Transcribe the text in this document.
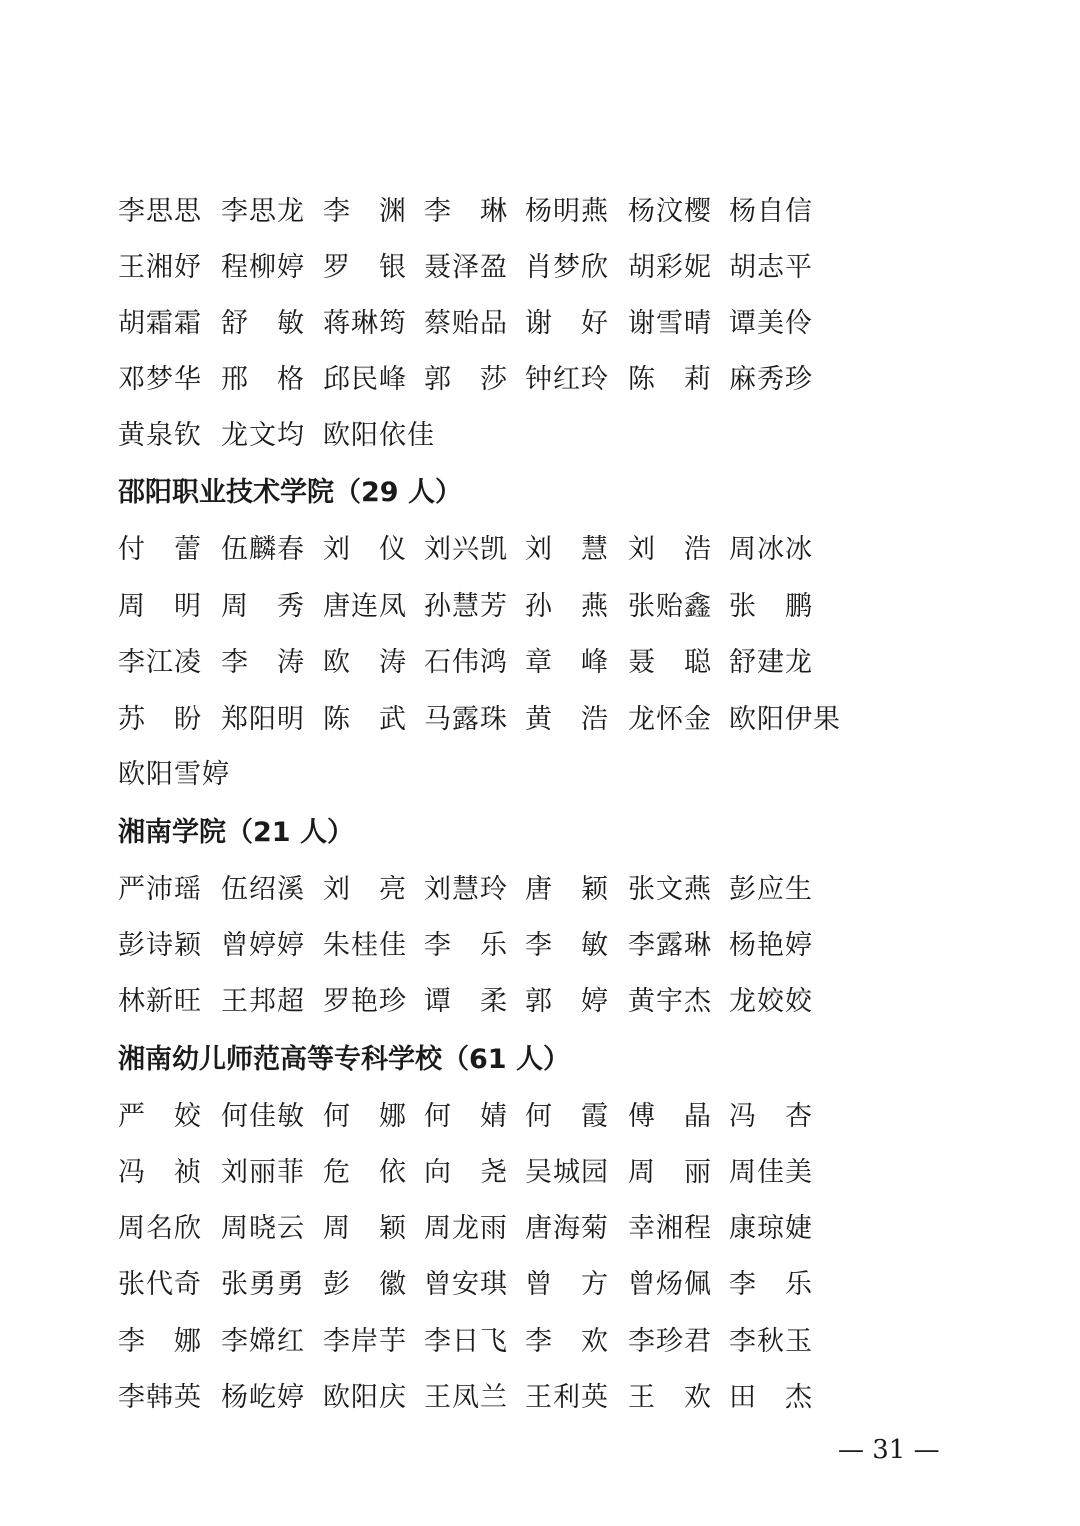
李思思 李思龙 李　渊 李　琳 杨明燕 杨汶樱 杨自信
王湘妤 程柳婷 罗　银 聂泽盈 肖梦欣 胡彩妮 胡志平
胡霜霜 舒　敏 蒋琳筠 蔡贻品 谢　好 谢雪晴 谭美伶
邓梦华 邢　格 邱民峰 郭　莎 钟红玲 陈　莉 麻秀珍
黄泉钦 龙文均 欧阳依佳
邵阳职业技术学院（29 人）
付　蕾 伍麟春 刘　仪 刘兴凯 刘　慧 刘　浩 周冰冰
周　明 周　秀 唐连凤 孙慧芳 孙　燕 张贻鑫 张　鹏
李江凌 李　涛 欧　涛 石伟鸿 章　峰 聂　聪 舒建龙
苏　盼 郑阳明 陈　武 马露珠 黄　浩 龙怀金 欧阳伊果
欧阳雪婷
湘南学院（21 人）
严沛瑶 伍绍溪 刘　亮 刘慧玲 唐　颖 张文燕 彭应生
彭诗颖 曾婷婷 朱桂佳 李　乐 李　敏 李露琳 杨艳婷
林新旺 王邦超 罗艳珍 谭　柔 郭　婷 黄宇杰 龙姣姣
湘南幼儿师范高等专科学校（61 人）
严　姣 何佳敏 何　娜 何　婧 何　霞 傅　晶 冯　杏
冯　祯 刘丽菲 危　依 向　尧 吴城园 周　丽 周佳美
周名欣 周晓云 周　颖 周龙雨 唐海菊 幸湘程 康琼婕
张代奇 张勇勇 彭　徽 曾安琪 曾　方 曾炀佩 李　乐
李　娜 李嫦红 李岸芋 李日飞 李　欢 李珍君 李秋玉
李韩英 杨屹婷 欧阳庆 王凤兰 王利英 王　欢 田　杰
— 31 —
